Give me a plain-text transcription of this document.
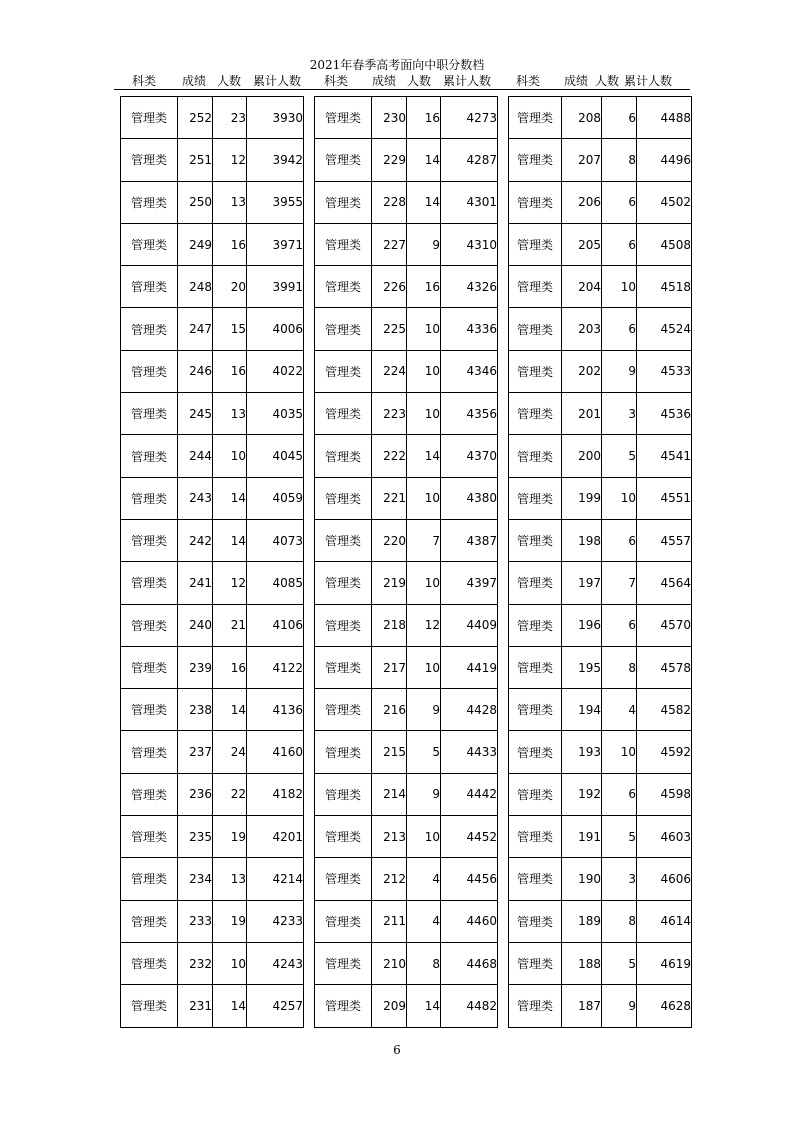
2021年春季高考面向中职分数档
科类 成绩 人数 累计人数 科类 成绩 人数 累计人数 科类 成绩 人数 累计人数
管理类	252	23	3930
管理类	251	12	3942
管理类	250	13	3955
管理类	249	16	3971
管理类	248	20	3991
管理类	247	15	4006
管理类	246	16	4022
管理类	245	13	4035
管理类	244	10	4045
管理类	243	14	4059
管理类	242	14	4073
管理类	241	12	4085
管理类	240	21	4106
管理类	239	16	4122
管理类	238	14	4136
管理类	237	24	4160
管理类	236	22	4182
管理类	235	19	4201
管理类	234	13	4214
管理类	233	19	4233
管理类	232	10	4243
管理类	231	14	4257
管理类	230	16	4273
管理类	229	14	4287
管理类	228	14	4301
管理类	227	9	4310
管理类	226	16	4326
管理类	225	10	4336
管理类	224	10	4346
管理类	223	10	4356
管理类	222	14	4370
管理类	221	10	4380
管理类	220	7	4387
管理类	219	10	4397
管理类	218	12	4409
管理类	217	10	4419
管理类	216	9	4428
管理类	215	5	4433
管理类	214	9	4442
管理类	213	10	4452
管理类	212	4	4456
管理类	211	4	4460
管理类	210	8	4468
管理类	209	14	4482
管理类	208	6	4488
管理类	207	8	4496
管理类	206	6	4502
管理类	205	6	4508
管理类	204	10	4518
管理类	203	6	4524
管理类	202	9	4533
管理类	201	3	4536
管理类	200	5	4541
管理类	199	10	4551
管理类	198	6	4557
管理类	197	7	4564
管理类	196	6	4570
管理类	195	8	4578
管理类	194	4	4582
管理类	193	10	4592
管理类	192	6	4598
管理类	191	5	4603
管理类	190	3	4606
管理类	189	8	4614
管理类	188	5	4619
管理类	187	9	4628
6
